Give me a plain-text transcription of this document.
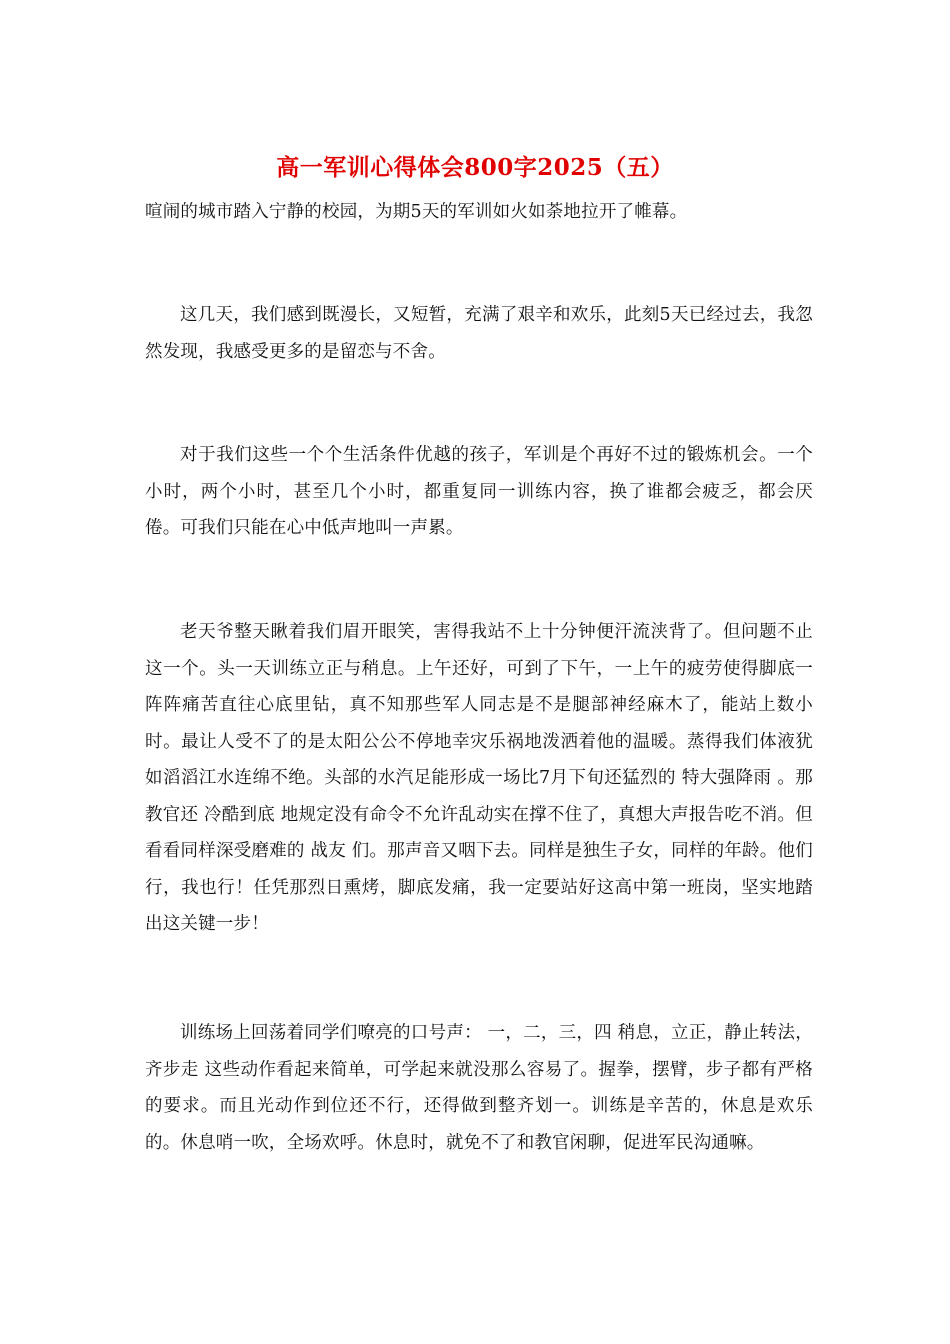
高一军训心得体会800字2025（五）

喧闹的城市踏入宁静的校园，为期5天的军训如火如荼地拉开了帷幕。

这几天，我们感到既漫长，又短暂，充满了艰辛和欢乐，此刻5天已经过去，我忽然发现，我感受更多的是留恋与不舍。

对于我们这些一个个生活条件优越的孩子，军训是个再好不过的锻炼机会。一个小时，两个小时，甚至几个小时，都重复同一训练内容，换了谁都会疲乏，都会厌倦。可我们只能在心中低声地叫一声累。

老天爷整天瞅着我们眉开眼笑，害得我站不上十分钟便汗流浃背了。但问题不止这一个。头一天训练立正与稍息。上午还好，可到了下午，一上午的疲劳使得脚底一阵阵痛苦直往心底里钻，真不知那些军人同志是不是腿部神经麻木了，能站上数小时。最让人受不了的是太阳公公不停地幸灾乐祸地泼洒着他的温暖。蒸得我们体液犹如滔滔江水连绵不绝。头部的水汽足能形成一场比7月下旬还猛烈的 特大强降雨 。那教官还 冷酷到底 地规定没有命令不允许乱动实在撑不住了，真想大声报告吃不消。但看看同样深受磨难的 战友 们。那声音又咽下去。同样是独生子女，同样的年龄。他们行，我也行！任凭那烈日熏烤，脚底发痛，我一定要站好这高中第一班岗，坚实地踏出这关键一步！

训练场上回荡着同学们嘹亮的口号声： 一，二，三，四 稍息，立正，静止转法，齐步走 这些动作看起来简单，可学起来就没那么容易了。握拳，摆臂，步子都有严格的要求。而且光动作到位还不行，还得做到整齐划一。训练是辛苦的，休息是欢乐的。休息哨一吹，全场欢呼。休息时，就免不了和教官闲聊，促进军民沟通嘛。
